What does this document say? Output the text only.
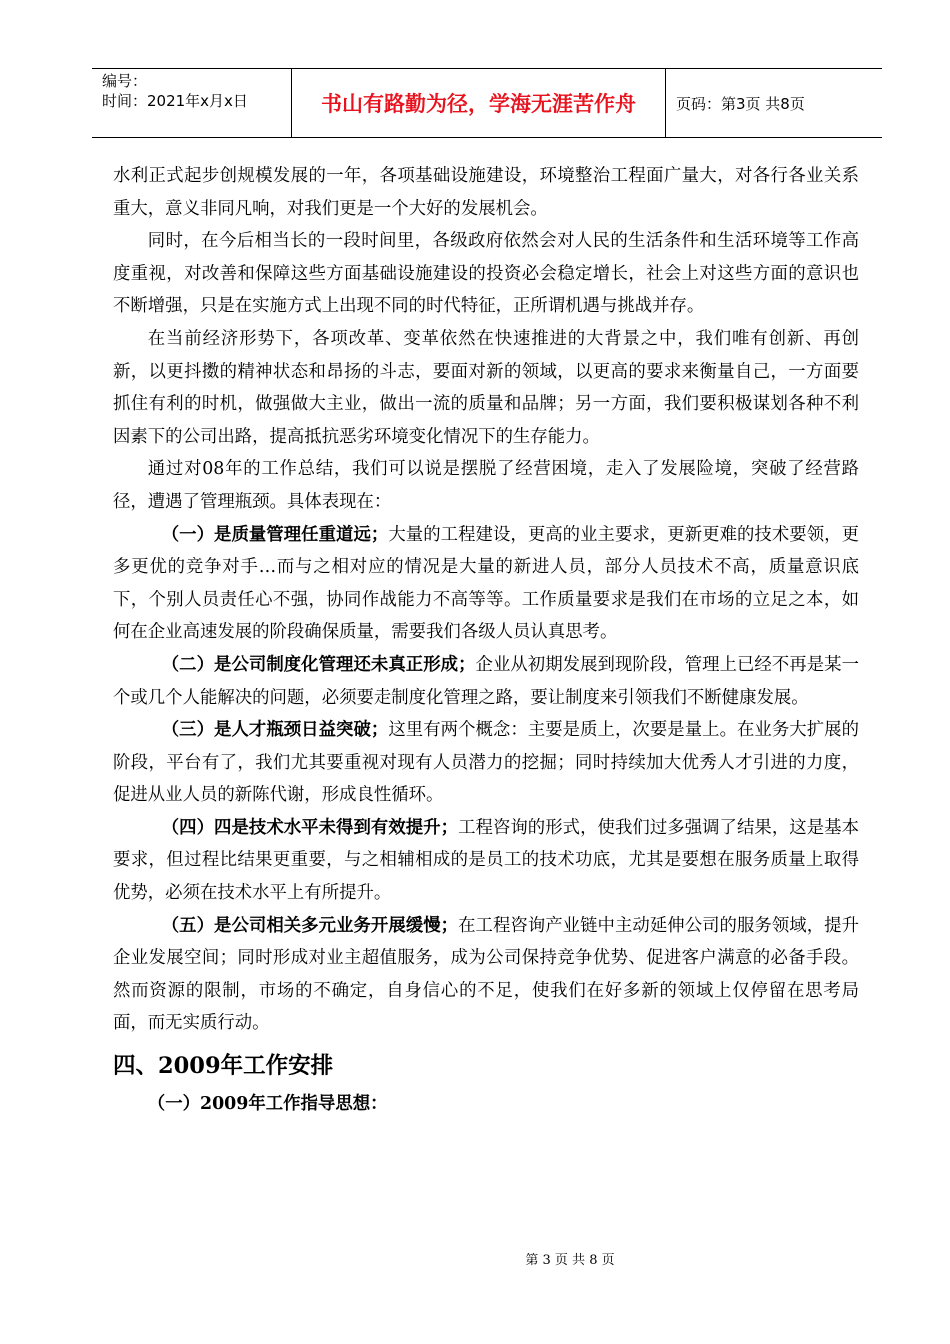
编号：
时间：2021年x月x日	书山有路勤为径，学海无涯苦作舟	页码：第3页 共8页

水利正式起步创规模发展的一年，各项基础设施建设，环境整治工程面广量大，对各行各业关系重大，意义非同凡响，对我们更是一个大好的发展机会。

同时，在今后相当长的一段时间里，各级政府依然会对人民的生活条件和生活环境等工作高度重视，对改善和保障这些方面基础设施建设的投资必会稳定增长，社会上对这些方面的意识也不断增强，只是在实施方式上出现不同的时代特征，正所谓机遇与挑战并存。

在当前经济形势下，各项改革、变革依然在快速推进的大背景之中，我们唯有创新、再创新，以更抖擞的精神状态和昂扬的斗志，要面对新的领域，以更高的要求来衡量自己，一方面要抓住有利的时机，做强做大主业，做出一流的质量和品牌；另一方面，我们要积极谋划各种不利因素下的公司出路，提高抵抗恶劣环境变化情况下的生存能力。

通过对08年的工作总结，我们可以说是摆脱了经营困境，走入了发展险境，突破了经营路径，遭遇了管理瓶颈。具体表现在：

（一）是质量管理任重道远；大量的工程建设，更高的业主要求，更新更难的技术要领，更多更优的竞争对手…而与之相对应的情况是大量的新进人员，部分人员技术不高，质量意识底下，个别人员责任心不强，协同作战能力不高等等。工作质量要求是我们在市场的立足之本，如何在企业高速发展的阶段确保质量，需要我们各级人员认真思考。

（二）是公司制度化管理还未真正形成；企业从初期发展到现阶段，管理上已经不再是某一个或几个人能解决的问题，必须要走制度化管理之路，要让制度来引领我们不断健康发展。

（三）是人才瓶颈日益突破；这里有两个概念：主要是质上，次要是量上。在业务大扩展的阶段，平台有了，我们尤其要重视对现有人员潜力的挖掘；同时持续加大优秀人才引进的力度，促进从业人员的新陈代谢，形成良性循环。

（四）四是技术水平未得到有效提升；工程咨询的形式，使我们过多强调了结果，这是基本要求，但过程比结果更重要，与之相辅相成的是员工的技术功底，尤其是要想在服务质量上取得优势，必须在技术水平上有所提升。

（五）是公司相关多元业务开展缓慢；在工程咨询产业链中主动延伸公司的服务领域，提升企业发展空间；同时形成对业主超值服务，成为公司保持竞争优势、促进客户满意的必备手段。然而资源的限制，市场的不确定，自身信心的不足，使我们在好多新的领域上仅停留在思考局面，而无实质行动。

四、2009年工作安排

（一）2009年工作指导思想：

第 3 页 共 8 页
